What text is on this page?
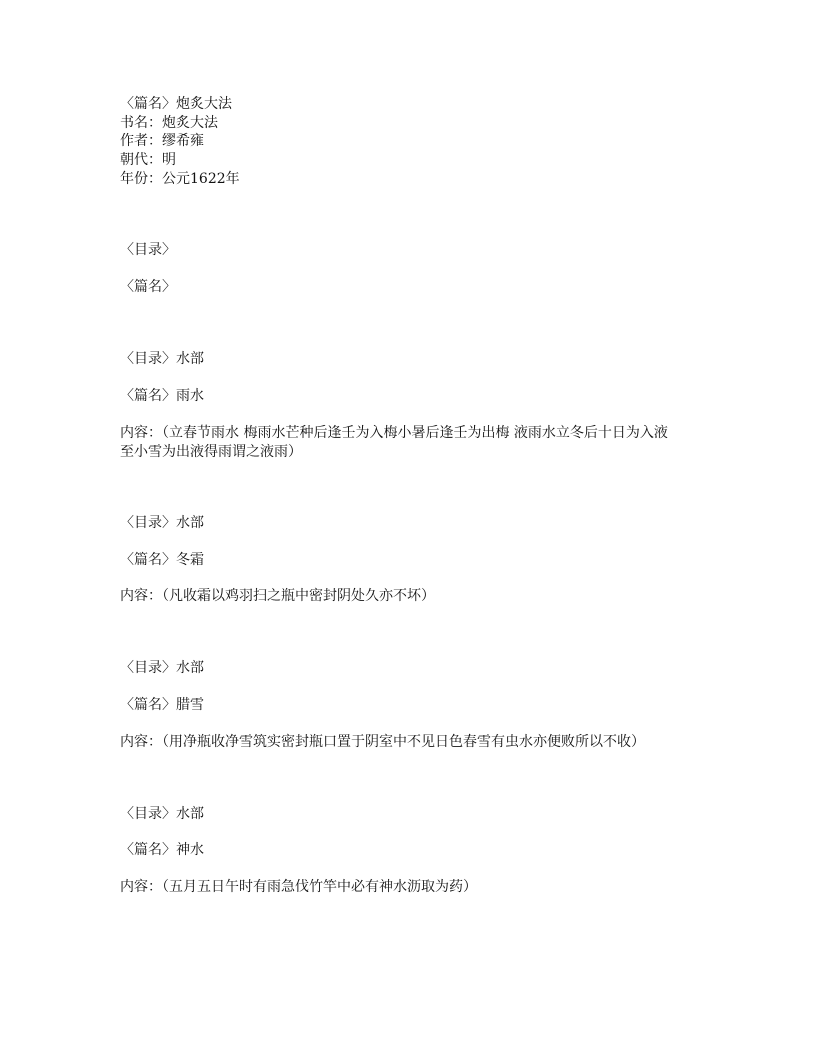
〈篇名〉炮炙大法
书名：炮炙大法
作者：缪希雍
朝代：明
年份：公元1622年
〈目录〉
〈篇名〉
〈目录〉水部
〈篇名〉雨水
内容：（立春节雨水 梅雨水芒种后逢壬为入梅小暑后逢壬为出梅 液雨水立冬后十日为入液
至小雪为出液得雨谓之液雨）
〈目录〉水部
〈篇名〉冬霜
内容：（凡收霜以鸡羽扫之瓶中密封阴处久亦不坏）
〈目录〉水部
〈篇名〉腊雪
内容：（用净瓶收净雪筑实密封瓶口置于阴室中不见日色春雪有虫水亦便败所以不收）
〈目录〉水部
〈篇名〉神水
内容：（五月五日午时有雨急伐竹竿中必有神水沥取为药）
